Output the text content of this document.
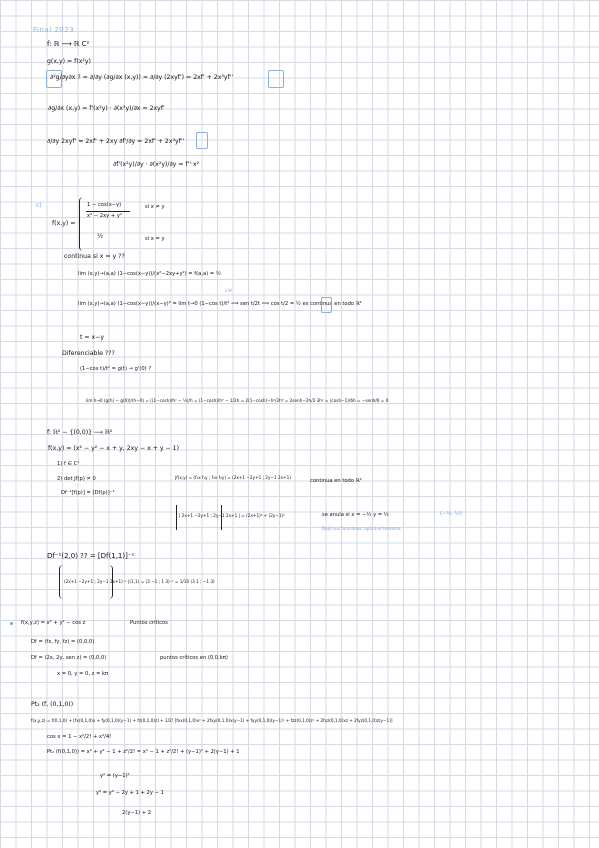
Final 2023
f: ℝ ⟶ ℝ C²
g(x,y) = f(x²y)
∂²g/∂y∂x ? = ∂/∂y (∂g/∂x (x,y)) = ∂/∂y (2xyf') = 2xf' + 2x³yf''
∂g/∂x (x,y) = f'(x²y) · ∂(x²y)/∂x = 2xyf'
∂/∂y 2xyf' = 2xf' + 2xy ∂f'/∂y = 2xf' + 2x³yf''
∂f'(x²y)/∂y · ∂(x²y)/∂y = f''·x²
c)
f(x,y) =
1 − cos(x−y)
x² − 2xy + y²
si x ≠ y
½	si x = y
continua si x = y ??
lim (x,y)→(a,a) (1−cos(x−y))/(x²−2xy+y²) = f(a,a) = ½
L'H
lim (x,y)→(a,a) (1−cos(x−y))/(x−y)² = lim t→0 (1−cos t)/t² ⟹ sen t/2t ⟹ cos t/2 = ½ es continua en todo ℝ²
t = x−y
Diferenciable ???
(1−cos t)/t² = g(t) → g'(0) ?
lim h→0 (g(h) − g(0))/(h−0) = ((1−cosh)/h² − ½)/h = (1−cosh)/h³ − 1/2h = 2(1−cosh)−h²/2h³ = 2senh−2h/2·3h² = (cosh−1)/6h = −senh/6 = 0
f: ℝ² − {(0,0)} ⟶ ℝ²
f(x,y) = (x² − y² − x + y, 2xy − x + y − 1)
1) f ∈ C¹
2) det Jf(p) ≠ 0
Df⁻¹[f(p)] = [Df(p)]⁻¹
Jf(x,y) = (f₁x f₁y ; f₂x f₂y) = (2x+1 −2y+1 ; 2y−1 2x+1)
continua en todo ℝ²
| 2x+1 −2y+1 ; 2y−1 2x+1 | = (2x+1)² + (2y−1)²	se anula si x = −½ y = ½	(−½, ½)
Dejó sus funciones, aplica el teorema
Df⁻¹(2,0) ?? = [Df(1,1)]⁻¹
(2x+1 −2y+1 ; 2y−1 2x+1)⁻¹ |(1,1) = (3 −1 ; 1 3)⁻¹ = 1/10 (3 1 ; −1 3)
f(x,y,z) = x² + y² − cos z	Puntos críticos
Df = (fx, fy, fz) = (0,0,0)
Df = (2x, 2y, sen z) = (0,0,0)	puntos críticos en (0,0,kπ)
x = 0, y = 0, z = kπ
Pt₂ (f, (0,1,0))
f(x,y,z) = f(0,1,0) + [fx(0,1,0)x + fy(0,1,0)(y−1) + fz(0,1,0)z] + 1/2! [fxx(0,1,0)x² + 2fxy(0,1,0)x(y−1) + fyy(0,1,0)(y−1)² + fzz(0,1,0)z² + 2fxz(0,1,0)xz + 2fyz(0,1,0)z(y−1)]
cos x = 1 − x²/2! + x⁴/4!
Pt₂ (f(0,1,0)) = x² + y² − 1 + z²/2! = x² − 1 + z²/2! + (y−1)² + 2(y−1) + 1
y² = (y−1)²
y² = y² − 2y + 1 + 2y − 1
2(y−1) + 2
